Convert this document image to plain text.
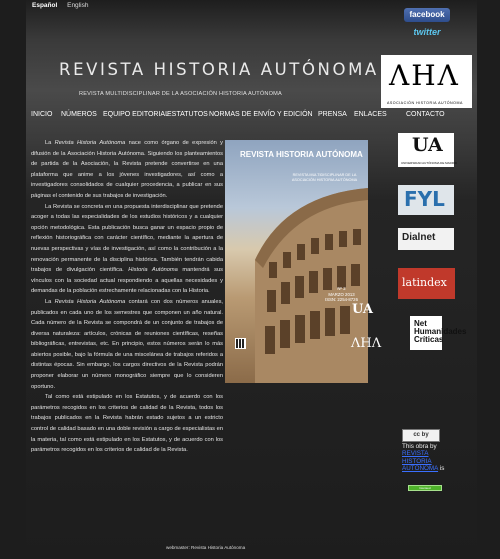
Español English
facebook
twitter
REVISTA HISTORIA AUTÓNOMA
REVISTA MULTIDISCIPLINAR DE LA ASOCIACIÓN HISTORIA AUTÓNOMA
ΛHΛ
ASOCIACIÓN HISTORIA AUTÓNOMA
INICIO NÚMEROS EQUIPO EDITORIAL
ESTATUTOS NORMAS DE ENVÍO Y EDICIÓN PRENSA ENLACES	CONTACTO

La Revista Historia Autónoma nace como órgano de expresión y difusión de la Asociación Historia Autónoma. Siguiendo los planteamientos de partida de la Asociación, la Revista pretende convertirse en una plataforma que anime a los jóvenes investigadores, así como a investigadores consolidados de cualquier procedencia, a publicar en sus páginas el contenido de sus trabajos de investigación.

La Revista se concreta en una propuesta interdisciplinar que pretende acoger a todas las especialidades de los estudios históricos y a cualquier opción metodológica. Esta publicación busca ganar un espacio propio de reflexión historiográfica con carácter científico, mediante la apertura de nuevas perspectivas y vías de investigación, así como la contribución a la renovación permanente de la disciplina histórica. También tendrán cabida trabajos de divulgación científica. Historia Autónoma mantendrá sus vínculos con la sociedad actual respondiendo a aquellas necesidades y demandas de la población estrechamente relacionadas con la Historia.

La Revista Historia Autónoma contará con dos números anuales, publicados en cada uno de los semestres que componen un año natural. Cada número de la Revista se compondrá de un conjunto de trabajos de diversa naturaleza: artículos, crónicas de reuniones científicas, reseñas bibliográficas, entrevistas, etc. En principio, estos números serán lo más abiertos posible, bajo la fórmula de una miscelánea de trabajos referidos a distintas épocas. Sin embargo, los cargos directivos de la Revista podrán proponer elaborar un número monográfico siempre que lo consideren oportuno.

Tal como está estipulado en los Estatutos, y de acuerdo con los parámetros recogidos en los criterios de calidad de la Revista, todos los trabajos publicados en la Revista habrán estado sujetos a un estricto control de calidad basado en una doble revisión a cargo de especialistas en la materia, tal como está estipulado en los Estatutos, y de acuerdo con los parámetros recogidos en los criterios de calidad de la Revista.

REVISTA HISTORIA AUTÓNOMA
REVISTA MULTIDISCIPLINAR DE LA ASOCIACIÓN HISTORIA AUTÓNOMA
Nº 2
MARZO 2013
ISSN: 2254-8726
UA
ΛHΛ
UA
UNIVERSIDAD AUTÓNOMA DE MADRID
FYL
Dialnet
latindex
Net Humanidades Críticas
cc by
This obra by
REVISTA HISTORIA AUTÓNOMA is
licensed
webmaster: Revista Historia Autónoma
